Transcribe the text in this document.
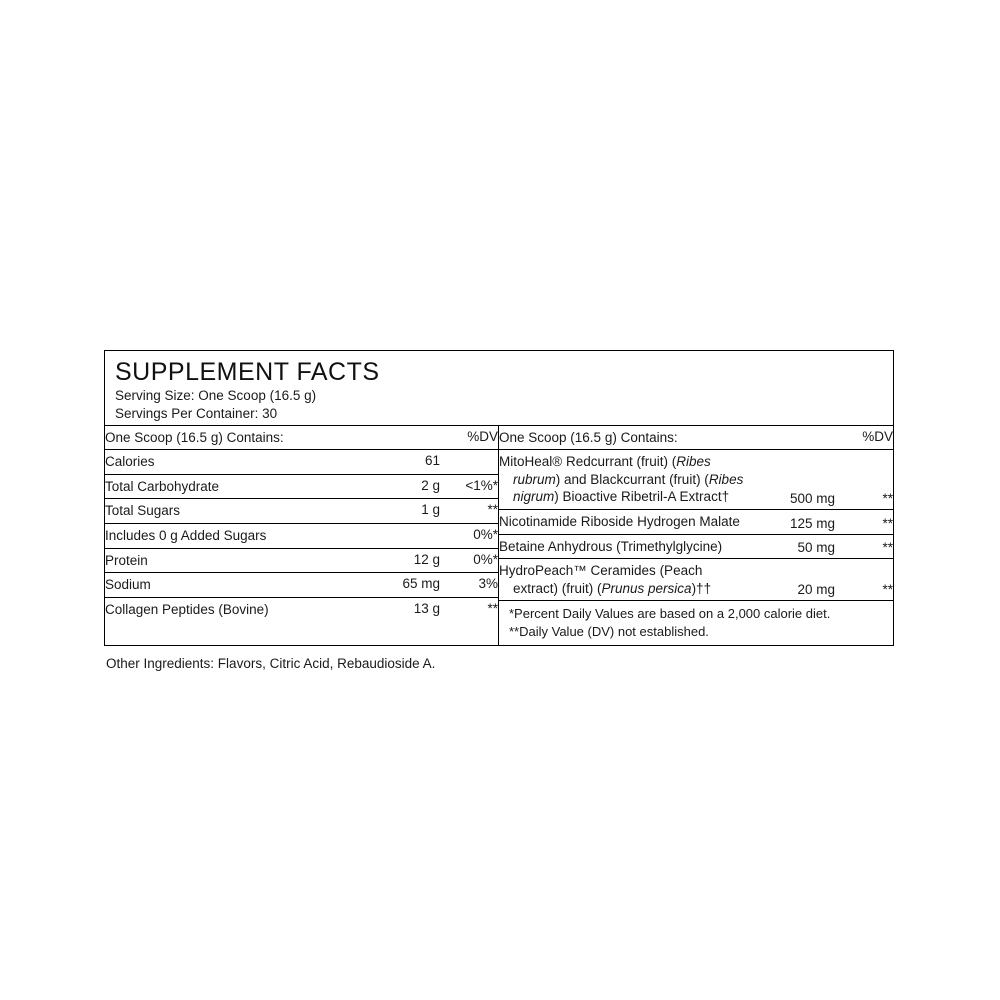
SUPPLEMENT FACTS
Serving Size: One Scoop (16.5 g)
Servings Per Container: 30
One Scoop (16.5 g) Contains:		%DV
Calories	61	
Total Carbohydrate	2 g	<1%*
Total Sugars	1 g	**
Includes 0 g Added Sugars		0%*
Protein	12 g	0%*
Sodium	65 mg	3%
Collagen Peptides (Bovine)	13 g	**
One Scoop (16.5 g) Contains:		%DV

MitoHeal® Redcurrant (fruit) (Ribes rubrum) and Blackcurrant (fruit) (Ribes nigrum) Bioactive Ribetril-A Extract†	500 mg	**

Nicotinamide Riboside Hydrogen Malate	125 mg	**

Betaine Anhydrous (Trimethylglycine)	50 mg	**

HydroPeach™ Ceramides (Peach extract) (fruit) (Prunus persica)††	20 mg	**
*Percent Daily Values are based on a 2,000 calorie diet.
**Daily Value (DV) not established.
Other Ingredients: Flavors, Citric Acid, Rebaudioside A.
